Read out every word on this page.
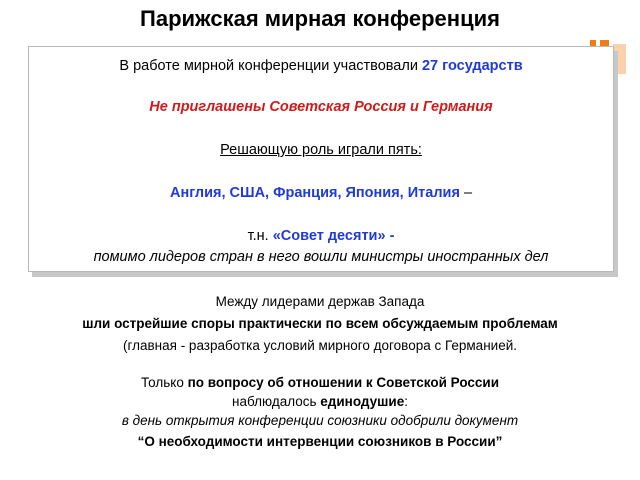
Парижская мирная конференция
В работе мирной конференции участвовали 27 государств
Не приглашены Советская Россия и Германия
Решающую роль играли пять:
Англия, США, Франция, Япония, Италия –
т.н. «Совет десяти» -
помимо лидеров стран в него вошли министры иностранных дел
Между лидерами держав Запада
шли острейшие споры практически по всем обсуждаемым проблемам
(главная - разработка условий мирного договора с Германией.
Только по вопросу об отношении к Советской России
наблюдалось единодушие:
в день открытия конференции союзники одобрили документ
“О необходимости интервенции союзников в России”
